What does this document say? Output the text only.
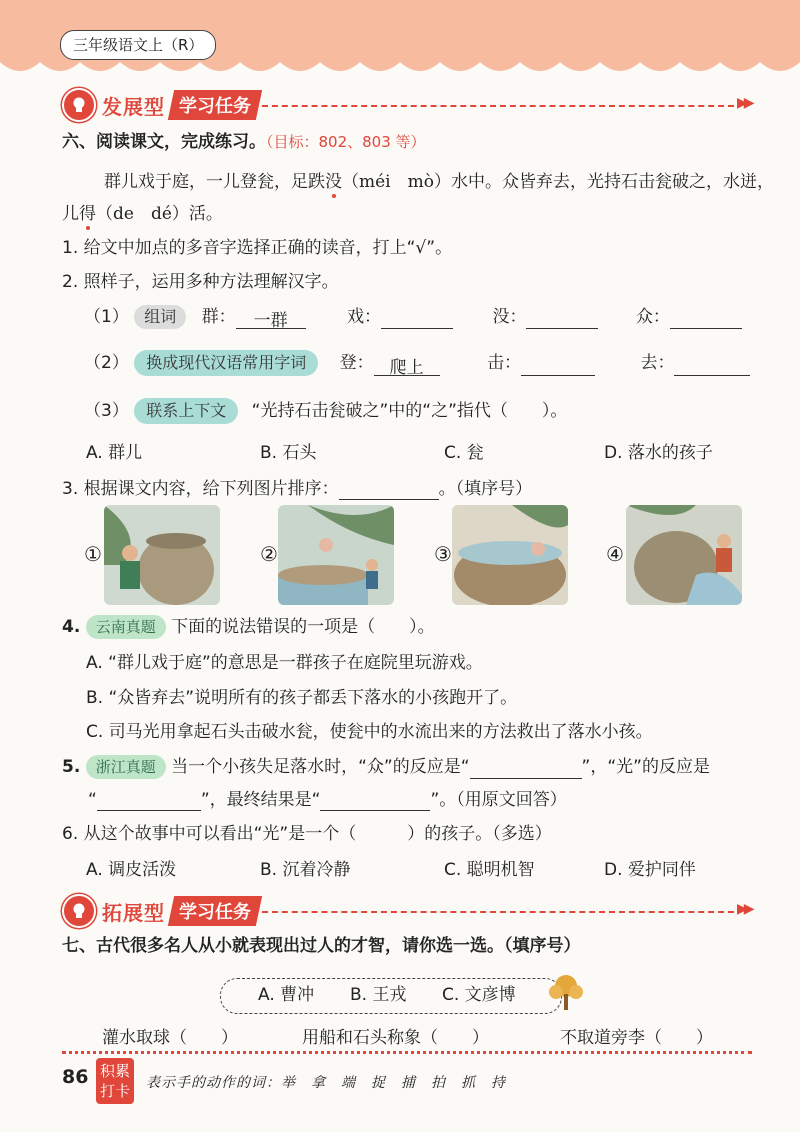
三年级语文上（R）
发展型 学习任务	▶▶
六、阅读课文，完成练习。（目标：802、803 等）
群儿戏于庭，一儿登瓮，足跌没（méi　mò）水中。众皆弃去，光持石击瓮破之，水迸，
儿得（de　dé）活。
1. 给文中加点的多音字选择正确的读音，打上“√”。
2. 照样子，运用多种方法理解汉字。
（1） 组词 群： 一群	戏：	没：	众：
（2） 换成现代汉语常用字词 登： 爬上	击：	去：
（3） 联系上下文 “光持石击瓮破之”中的“之”指代（　　）。
A. 群儿	B. 石头	C. 瓮	D. 落水的孩子
3. 根据课文内容，给下列图片排序：	。（填序号）
①	②	③	④
4. 云南真题 下面的说法错误的一项是（　　）。
A. “群儿戏于庭”的意思是一群孩子在庭院里玩游戏。
B. “众皆弃去”说明所有的孩子都丢下落水的小孩跑开了。
C. 司马光用拿起石头击破水瓮，使瓮中的水流出来的方法救出了落水小孩。
5. 浙江真题 当一个小孩失足落水时，“众”的反应是“	”，“光”的反应是
“	”，最终结果是“	”。（用原文回答）
6. 从这个故事中可以看出“光”是一个（　　　）的孩子。（多选）
A. 调皮活泼	B. 沉着冷静	C. 聪明机智	D. 爱护同伴
拓展型 学习任务	▶▶
七、古代很多名人从小就表现出过人的才智，请你选一选。（填序号）
A. 曹冲 B. 王戎 C. 文彦博
灌水取球（　　）	用船和石头称象（　　）	不取道旁李（　　）
86 积累
打卡 表示手的动作的词：举　拿　端　捉　捕　拍　抓　持
